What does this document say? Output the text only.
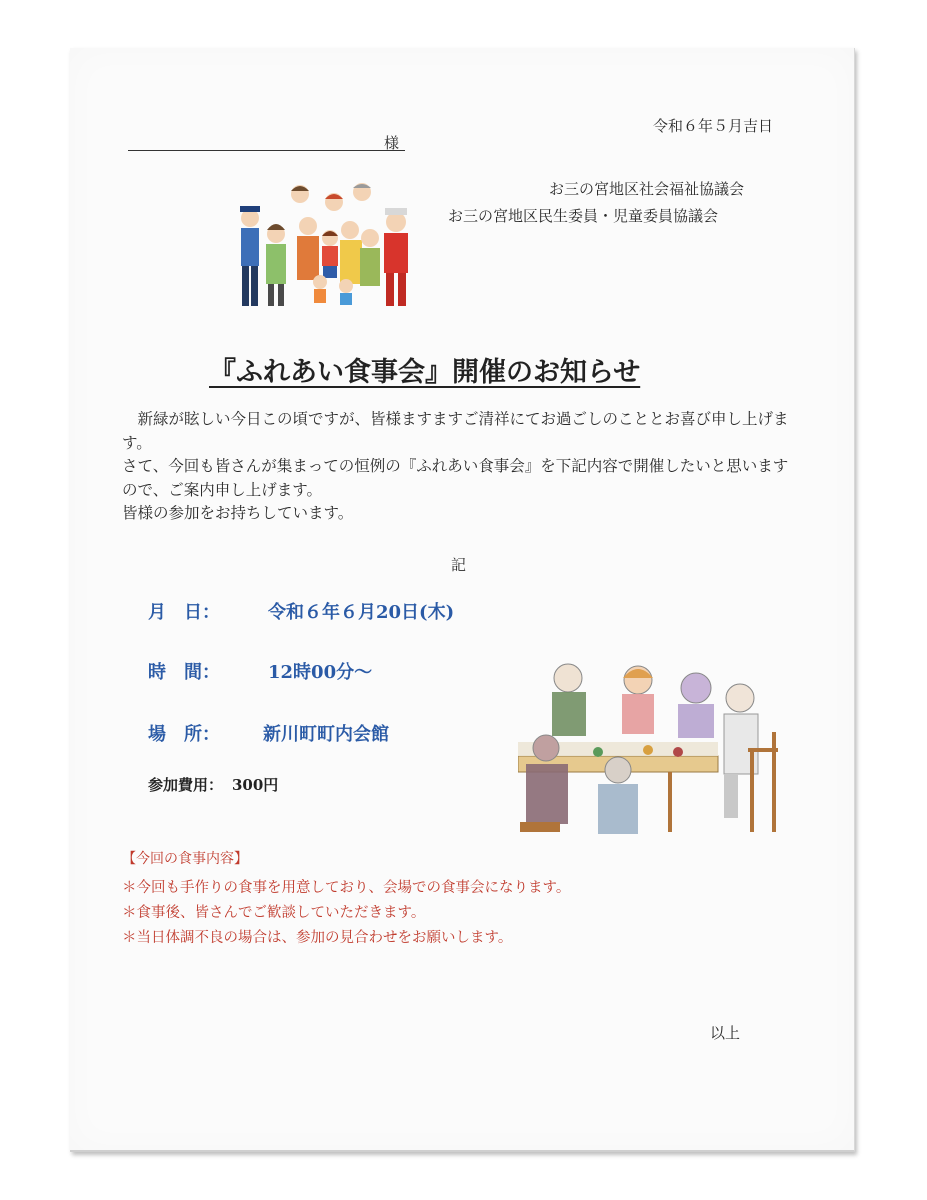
令和６年５月吉日
様
お三の宮地区社会福祉協議会
お三の宮地区民生委員・児童委員協議会
『ふれあい食事会』開催のお知らせ

新緑が眩しい今日この頃ですが、皆様ますますご清祥にてお過ごしのこととお喜び申し上げます。

さて、今回も皆さんが集まっての恒例の『ふれあい食事会』を下記内容で開催したいと思いますので、ご案内申し上げます。

皆様の参加をお持ちしています。

記
月　日：	令和６年６月20日(木)
時　間：	12時00分～
場　所： 新川町町内会館
参加費用： 300円
【今回の食事内容】
＊今回も手作りの食事を用意しており、会場での食事会になります。
＊食事後、皆さんでご歓談していただきます。
＊当日体調不良の場合は、参加の見合わせをお願いします。
以上
